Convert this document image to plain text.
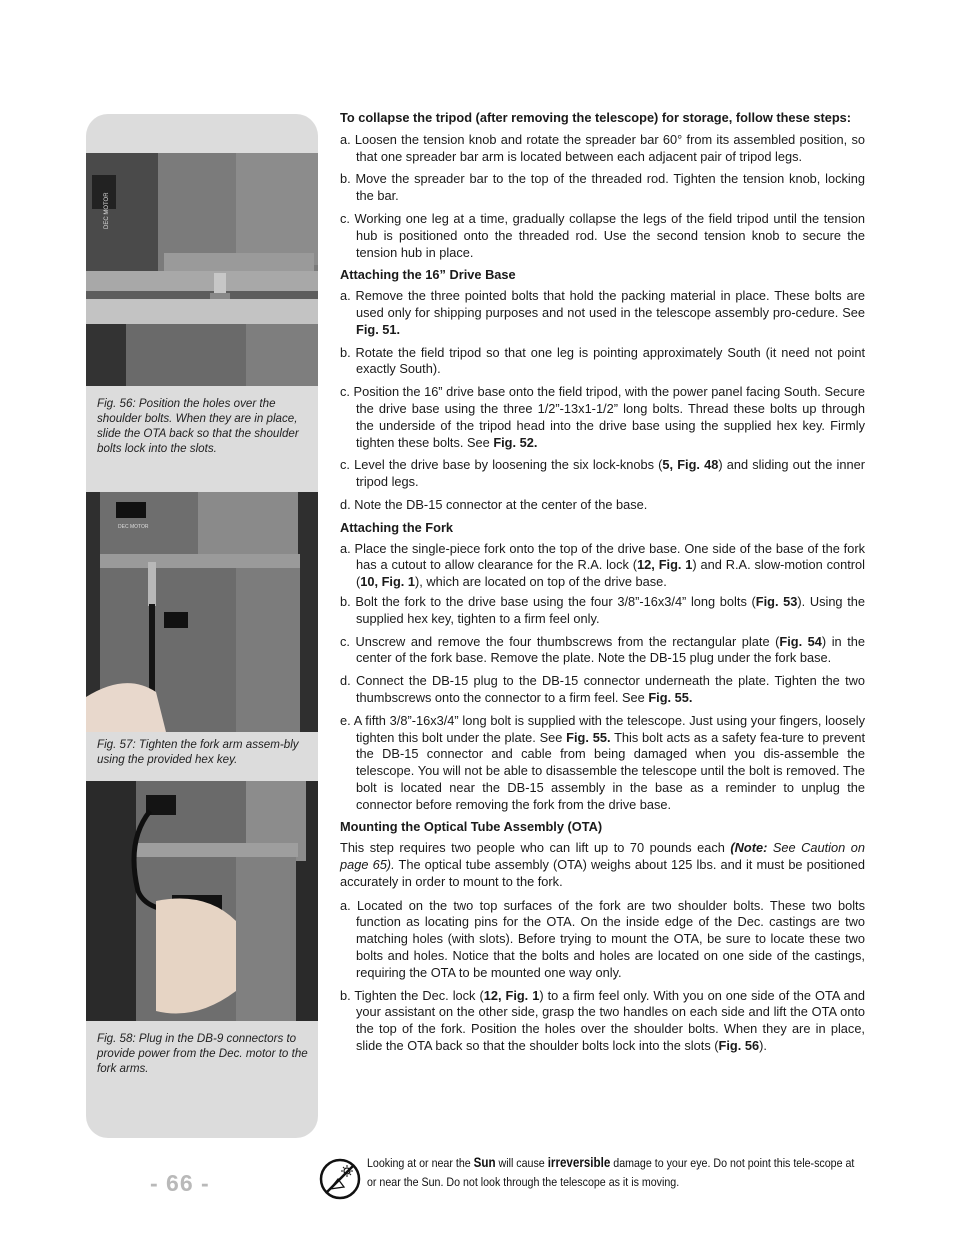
DEC MOTOR
Fig. 56: Position the holes over the shoulder bolts. When they are in place, slide the OTA back so that the shoulder bolts lock into the slots.
DEC MOTOR
Fig. 57: Tighten the fork arm assem-bly using the provided hex key.
Fig. 58: Plug in the DB-9 connectors to provide power from the Dec. motor to the fork arms.

To collapse the tripod (after removing the telescope) for storage, follow these steps:

a. Loosen the tension knob and rotate the spreader bar 60° from its assembled position, so that one spreader bar arm is located between each adjacent pair of tripod legs.

b. Move the spreader bar to the top of the threaded rod. Tighten the tension knob, locking the bar.

c. Working one leg at a time, gradually collapse the legs of the field tripod until the tension hub is positioned onto the threaded rod. Use the second tension knob to secure the tension hub in place.

Attaching the 16” Drive Base

a. Remove the three pointed bolts that hold the packing material in place. These bolts are used only for shipping purposes and not used in the telescope assembly pro-cedure. See Fig. 51.

b. Rotate the field tripod so that one leg is pointing approximately South (it need not point exactly South).

c. Position the 16” drive base onto the field tripod, with the power panel facing South. Secure the drive base using the three 1/2”-13x1-1/2” long bolts. Thread these bolts up through the underside of the tripod head into the drive base using the supplied hex key. Firmly tighten these bolts. See Fig. 52.

c. Level the drive base by loosening the six lock-knobs (5, Fig. 48) and sliding out the inner tripod legs.

d. Note the DB-15 connector at the center of the base.

Attaching the Fork

a. Place the single-piece fork onto the top of the drive base. One side of the base of the fork has a cutout to allow clearance for the R.A. lock (12, Fig. 1) and R.A. slow-motion control (10, Fig. 1), which are located on top of the drive base.

b. Bolt the fork to the drive base using the four 3/8”-16x3/4” long bolts (Fig. 53). Using the supplied hex key, tighten to a firm feel only.

c. Unscrew and remove the four thumbscrews from the rectangular plate (Fig. 54) in the center of the fork base. Remove the plate. Note the DB-15 plug under the fork base.

d. Connect the DB-15 plug to the DB-15 connector underneath the plate. Tighten the two thumbscrews onto the connector to a firm feel. See Fig. 55.

e. A fifth 3/8”-16x3/4” long bolt is supplied with the telescope. Just using your fingers, loosely tighten this bolt under the plate. See Fig. 55. This bolt acts as a safety fea-ture to prevent the DB-15 connector and cable from being damaged when you dis-assemble the telescope. You will not be able to disassemble the telescope until the bolt is removed. The bolt is located near the DB-15 assembly in the base as a reminder to unplug the connector before removing the fork from the drive base.

Mounting the Optical Tube Assembly (OTA)

This step requires two people who can lift up to 70 pounds each (Note: See Caution on page 65). The optical tube assembly (OTA) weighs about 125 lbs. and it must be positioned accurately in order to mount to the fork.

a. Located on the two top surfaces of the fork are two shoulder bolts. These two bolts function as locating pins for the OTA. On the inside edge of the Dec. castings are two matching holes (with slots). Before trying to mount the OTA, be sure to locate these two bolts and holes. Notice that the bolts and holes are located on one side of the castings, requiring the OTA to be mounted one way only.

b. Tighten the Dec. lock (12, Fig. 1) to a firm feel only. With you on one side of the OTA and your assistant on the other side, grasp the two handles on each side and lift the OTA onto the top of the fork. Position the holes over the shoulder bolts. When they are in place, slide the OTA back so that the shoulder bolts lock into the slots (Fig. 56).

- 66 -
Looking at or near the Sun will cause irreversible damage to your eye. Do not point this tele-scope at or near the Sun. Do not look through the telescope as it is moving.
